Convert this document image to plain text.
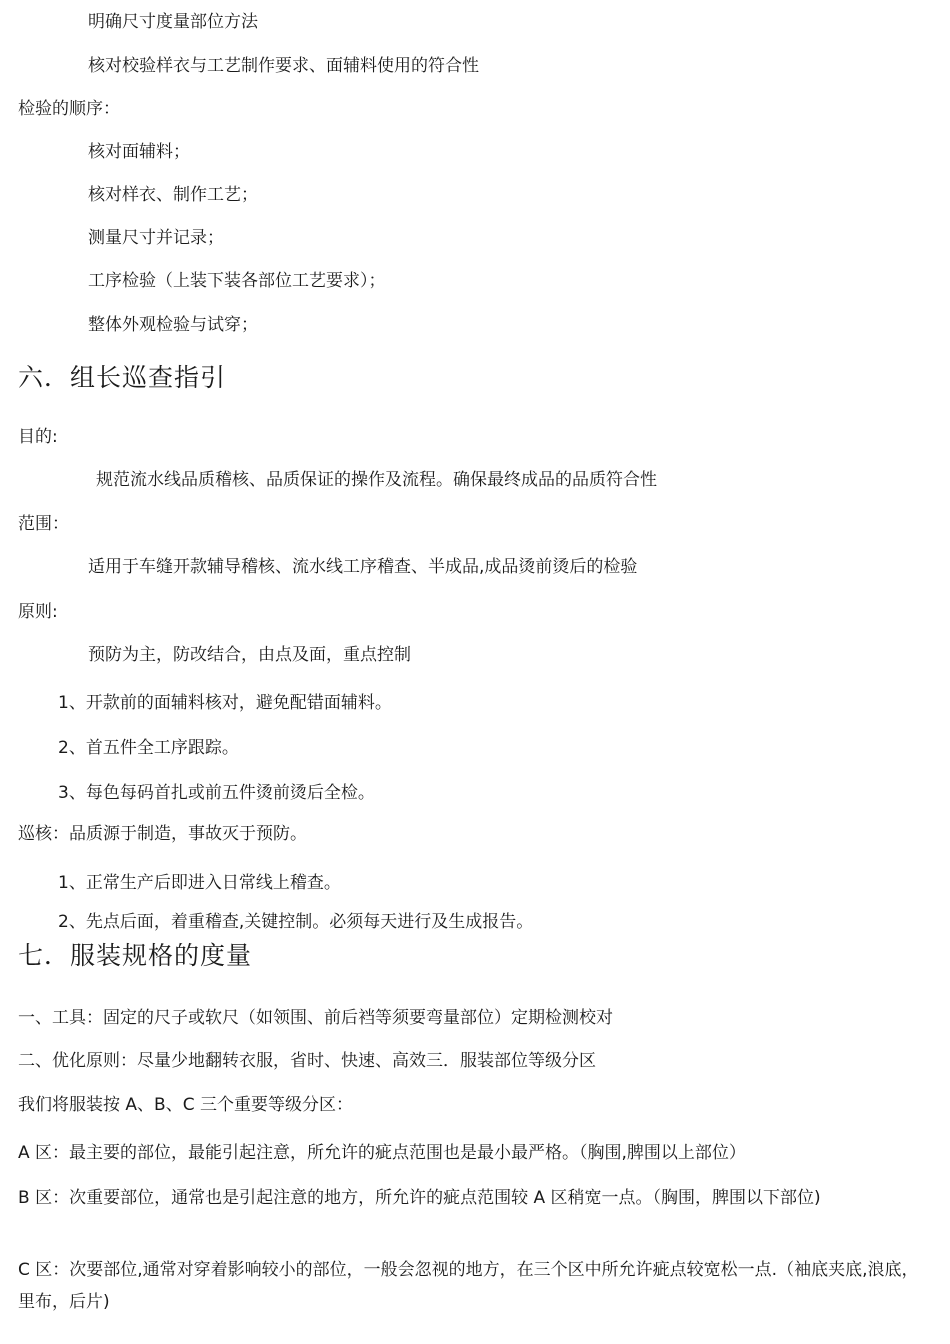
明确尺寸度量部位方法
核对校验样衣与工艺制作要求、面辅料使用的符合性
检验的顺序：
核对面辅料；
核对样衣、制作工艺；
测量尺寸并记录；
工序检验（上装下装各部位工艺要求）；
整体外观检验与试穿；
六．组长巡查指引
目的:
规范流水线品质稽核、品质保证的操作及流程。确保最终成品的品质符合性
范围：
适用于车缝开款辅导稽核、流水线工序稽查、半成品,成品烫前烫后的检验
原则:
预防为主，防改结合，由点及面，重点控制
1、开款前的面辅料核对，避免配错面辅料。
2、首五件全工序跟踪。
3、每色每码首扎或前五件烫前烫后全检。
巡核：品质源于制造，事故灭于预防。
1、正常生产后即进入日常线上稽查。
2、先点后面，着重稽查,关键控制。必须每天进行及生成报告。
七．服装规格的度量
一、工具：固定的尺子或软尺（如领围、前后裆等须要弯量部位）定期检测校对
二、优化原则：尽量少地翻转衣服，省时、快速、高效三．服装部位等级分区
我们将服装按 A、B、C 三个重要等级分区：
A 区：最主要的部位，最能引起注意，所允许的疵点范围也是最小最严格。（胸围,脾围以上部位）
B 区：次重要部位，通常也是引起注意的地方，所允许的疵点范围较 A 区稍宽一点。（胸围，脾围以下部位)
C 区：次要部位,通常对穿着影响较小的部位，一般会忽视的地方，在三个区中所允许疵点较宽松一点.（袖底夹底,浪底，里布，后片)
